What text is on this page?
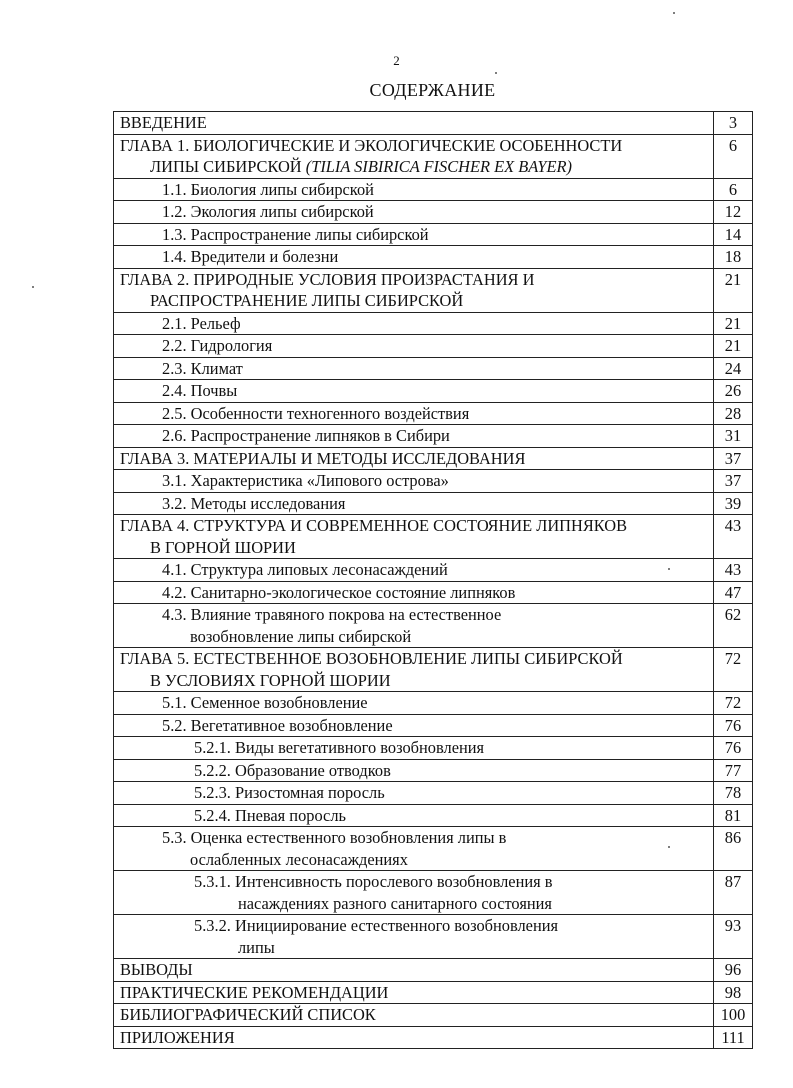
2
СОДЕРЖАНИЕ
ВВЕДЕНИЕ	3
ГЛАВА 1. БИОЛОГИЧЕСКИЕ И ЭКОЛОГИЧЕСКИЕ ОСОБЕННОСТИ
ЛИПЫ СИБИРСКОЙ (TILIA SIBIRICA FISCHER EX BAYER)	6
1.1. Биология липы сибирской	6
1.2. Экология липы сибирской	12
1.3. Распространение липы сибирской	14
1.4. Вредители и болезни	18
ГЛАВА 2. ПРИРОДНЫЕ УСЛОВИЯ ПРОИЗРАСТАНИЯ И
РАСПРОСТРАНЕНИЕ ЛИПЫ СИБИРСКОЙ	21
2.1. Рельеф	21
2.2. Гидрология	21
2.3. Климат	24
2.4. Почвы	26
2.5. Особенности техногенного воздействия	28
2.6. Распространение липняков в Сибири	31
ГЛАВА 3. МАТЕРИАЛЫ И МЕТОДЫ ИССЛЕДОВАНИЯ	37
3.1. Характеристика «Липового острова»	37
3.2. Методы исследования	39
ГЛАВА 4. СТРУКТУРА И СОВРЕМЕННОЕ СОСТОЯНИЕ ЛИПНЯКОВ
В ГОРНОЙ ШОРИИ	43
4.1. Структура липовых лесонасаждений	43
4.2. Санитарно-экологическое состояние липняков	47
4.3. Влияние травяного покрова на естественное
возобновление липы сибирской	62
ГЛАВА 5. ЕСТЕСТВЕННОЕ ВОЗОБНОВЛЕНИЕ ЛИПЫ СИБИРСКОЙ
В УСЛОВИЯХ ГОРНОЙ ШОРИИ	72
5.1. Семенное возобновление	72
5.2. Вегетативное возобновление	76
5.2.1. Виды вегетативного возобновления	76
5.2.2. Образование отводков	77
5.2.3. Ризостомная поросль	78
5.2.4. Пневая поросль	81
5.3. Оценка естественного возобновления липы в
ослабленных лесонасаждениях	86
5.3.1. Интенсивность порослевого возобновления в
насаждениях разного санитарного состояния	87
5.3.2. Инициирование естественного возобновления
липы	93
ВЫВОДЫ	96
ПРАКТИЧЕСКИЕ РЕКОМЕНДАЦИИ	98
БИБЛИОГРАФИЧЕСКИЙ СПИСОК	100
ПРИЛОЖЕНИЯ	111
